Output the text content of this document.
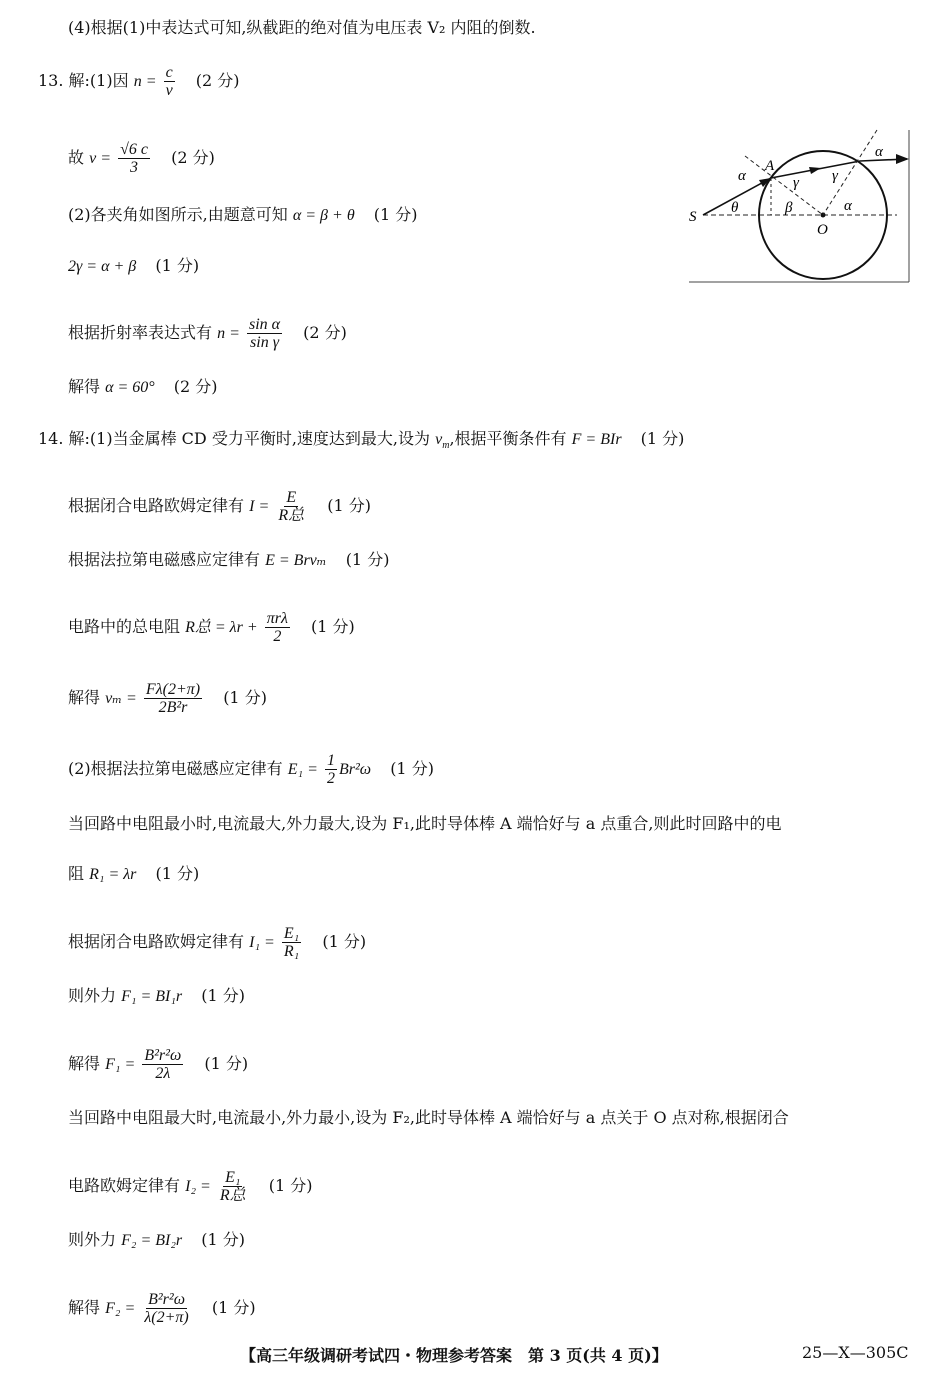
(4)根据(1)中表达式可知,纵截距的绝对值为电压表 V₂ 内阻的倒数.
13. 解:(1)因 $n = \frac{c}{v} (2$ 分)
故 $v = \frac{√6 c}{3} (2$ 分)
(2)各夹角如图所示,由题意可知 α = β + θ (1 分)
2γ = α + β (1 分)
根据折射率表达式有 $n = \frac{\text{sin α}}{\text{sin γ}} (2$ 分)
解得 α = 60° (2 分)
S
A
O
α
θ
γ
β
γ
α
α
14. 解:(1)当金属棒 CD 受力平衡时,速度达到最大,设为 $v_m$,根据平衡条件有 F = BIr (1 分)
根据闭合电路欧姆定律有 $I = \frac{E}{\text{R总}} (1$ 分)
根据法拉第电磁感应定律有 E = Brvₘ (1 分)
电路中的总电阻 R总 = $\lambda r + \frac{\text{πrλ}}{2} (1$ 分)
解得 $v_m = \frac{F\lambda(2+\pi)}{\text{2B²r}} (1$ 分)
(2)根据法拉第电磁感应定律有 $E_1 = \frac{1}{2} Br^2\omega$ (1 分)
当回路中电阻最小时,电流最大,外力最大,设为 F₁,此时导体棒 A 端恰好与 a 点重合,则此时回路中的电
阻 R₁ = λr (1 分)
根据闭合电路欧姆定律有 $I_1 = \frac{\text{E₁}}{\text{R₁}} (1$ 分)
则外力 F₁ = BI₁r (1 分)
解得 $F_1 = \frac{\text{B²r²ω}}{2\lambda} (1$ 分)
当回路中电阻最大时,电流最小,外力最小,设为 F₂,此时导体棒 A 端恰好与 a 点关于 O 点对称,根据闭合
电路欧姆定律有 $I_2 = \frac{\text{E₁}}{\text{R总}} (1$ 分)
则外力 F₂ = BI₂r (1 分)
解得 $F_2 = \frac{\text{B²r²ω}}{\lambda(2+\pi)} (1$ 分)
【高三年级调研考试四・物理参考答案　第 3 页(共 4 页)】	25—X—305C
